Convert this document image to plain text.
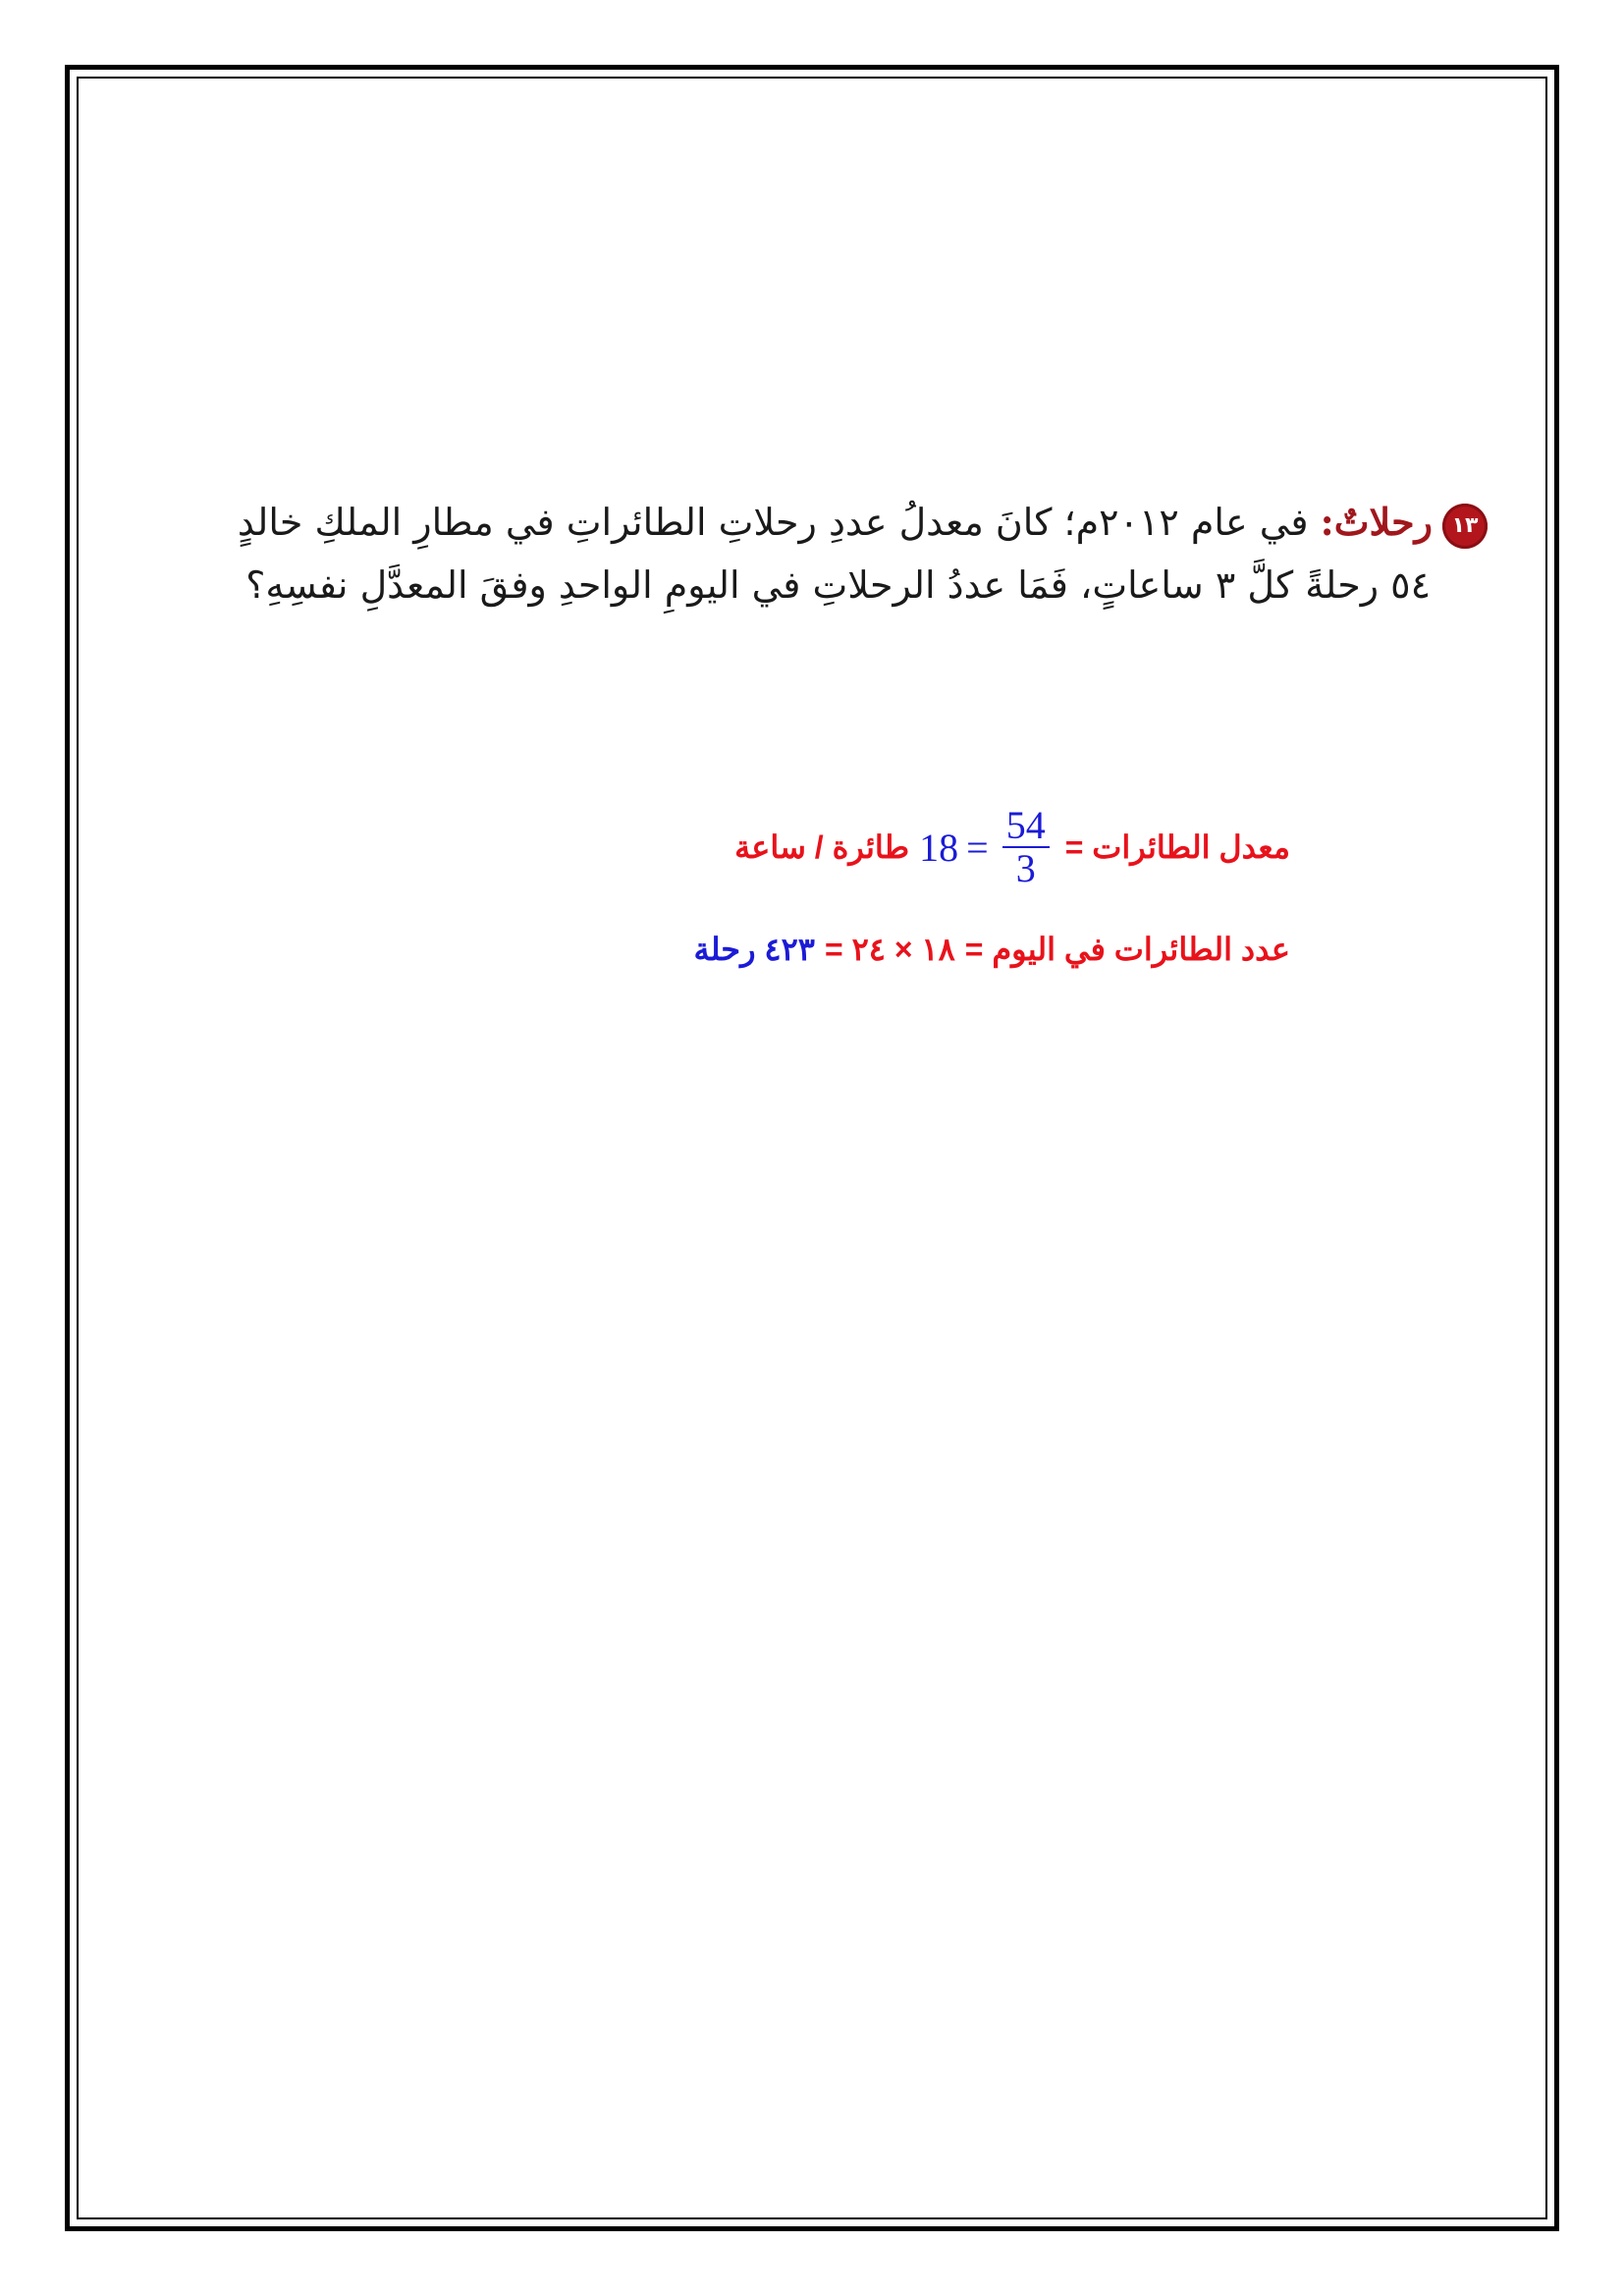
١٣رحلاتٌ: في عام ٢٠١٢م؛ كانَ معدلُ عددِ رحلاتِ الطائراتِ في مطارِ الملكِ خالدٍ
٥٤ رحلةً كلَّ ٣ ساعاتٍ، فَمَا عددُ الرحلاتِ في اليومِ الواحدِ وفقَ المعدَّلِ نفسِهِ؟
معدل الطائرات =
$18 = \frac{54}{3}$
طائرة / ساعة
عدد الطائرات في اليوم =١٨ × ٢٤ =٤٢٣ رحلة
